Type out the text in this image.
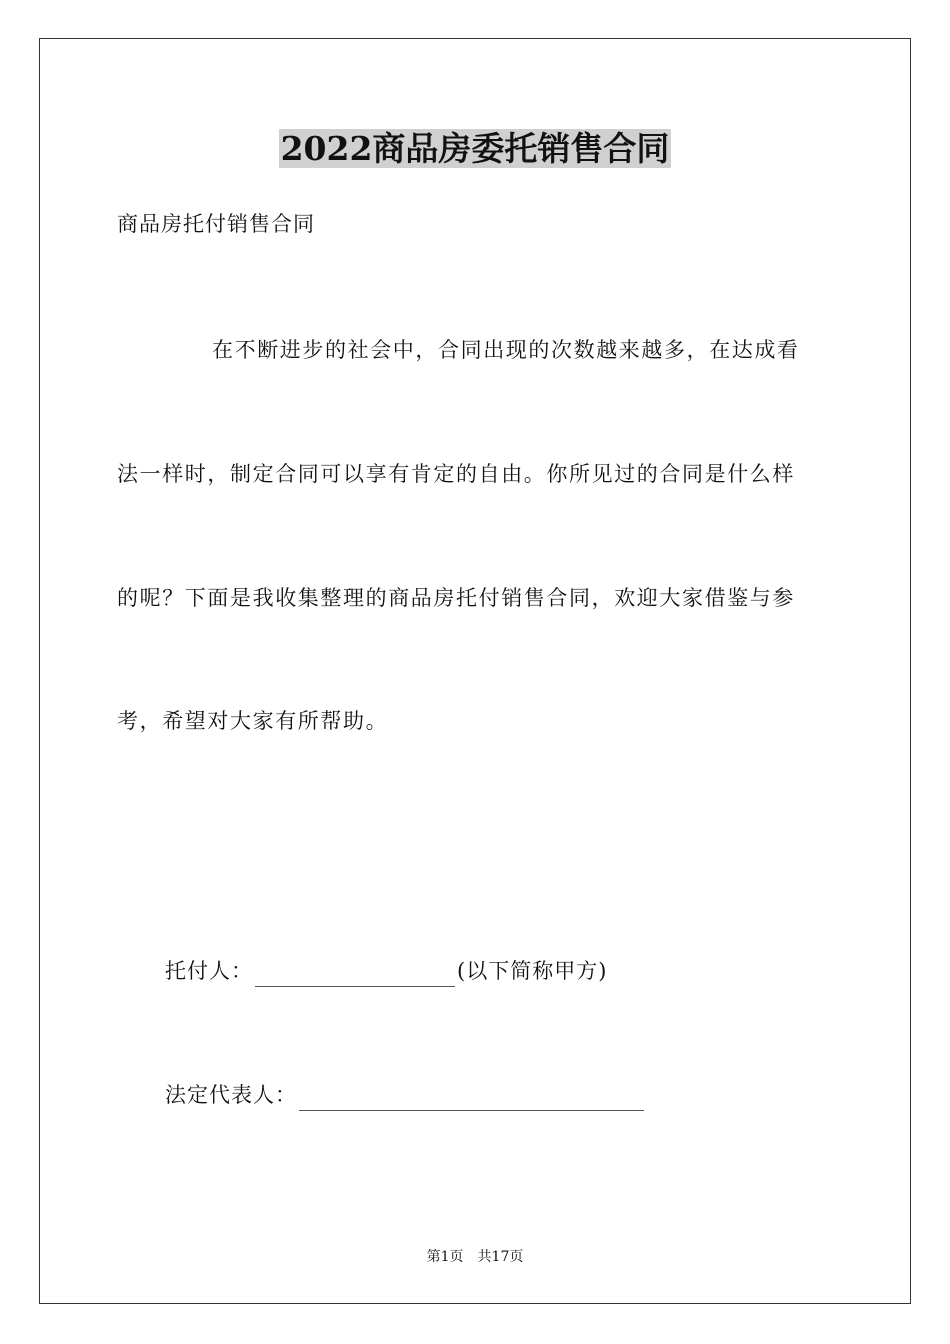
2022商品房委托销售合同
商品房托付销售合同
在不断进步的社会中，合同出现的次数越来越多，在达成看
法一样时，制定合同可以享有肯定的自由。你所见过的合同是什么样
的呢？下面是我收集整理的商品房托付销售合同，欢迎大家借鉴与参
考，希望对大家有所帮助。
托付人：	(以下简称甲方)
法定代表人：
第1页 共17页
